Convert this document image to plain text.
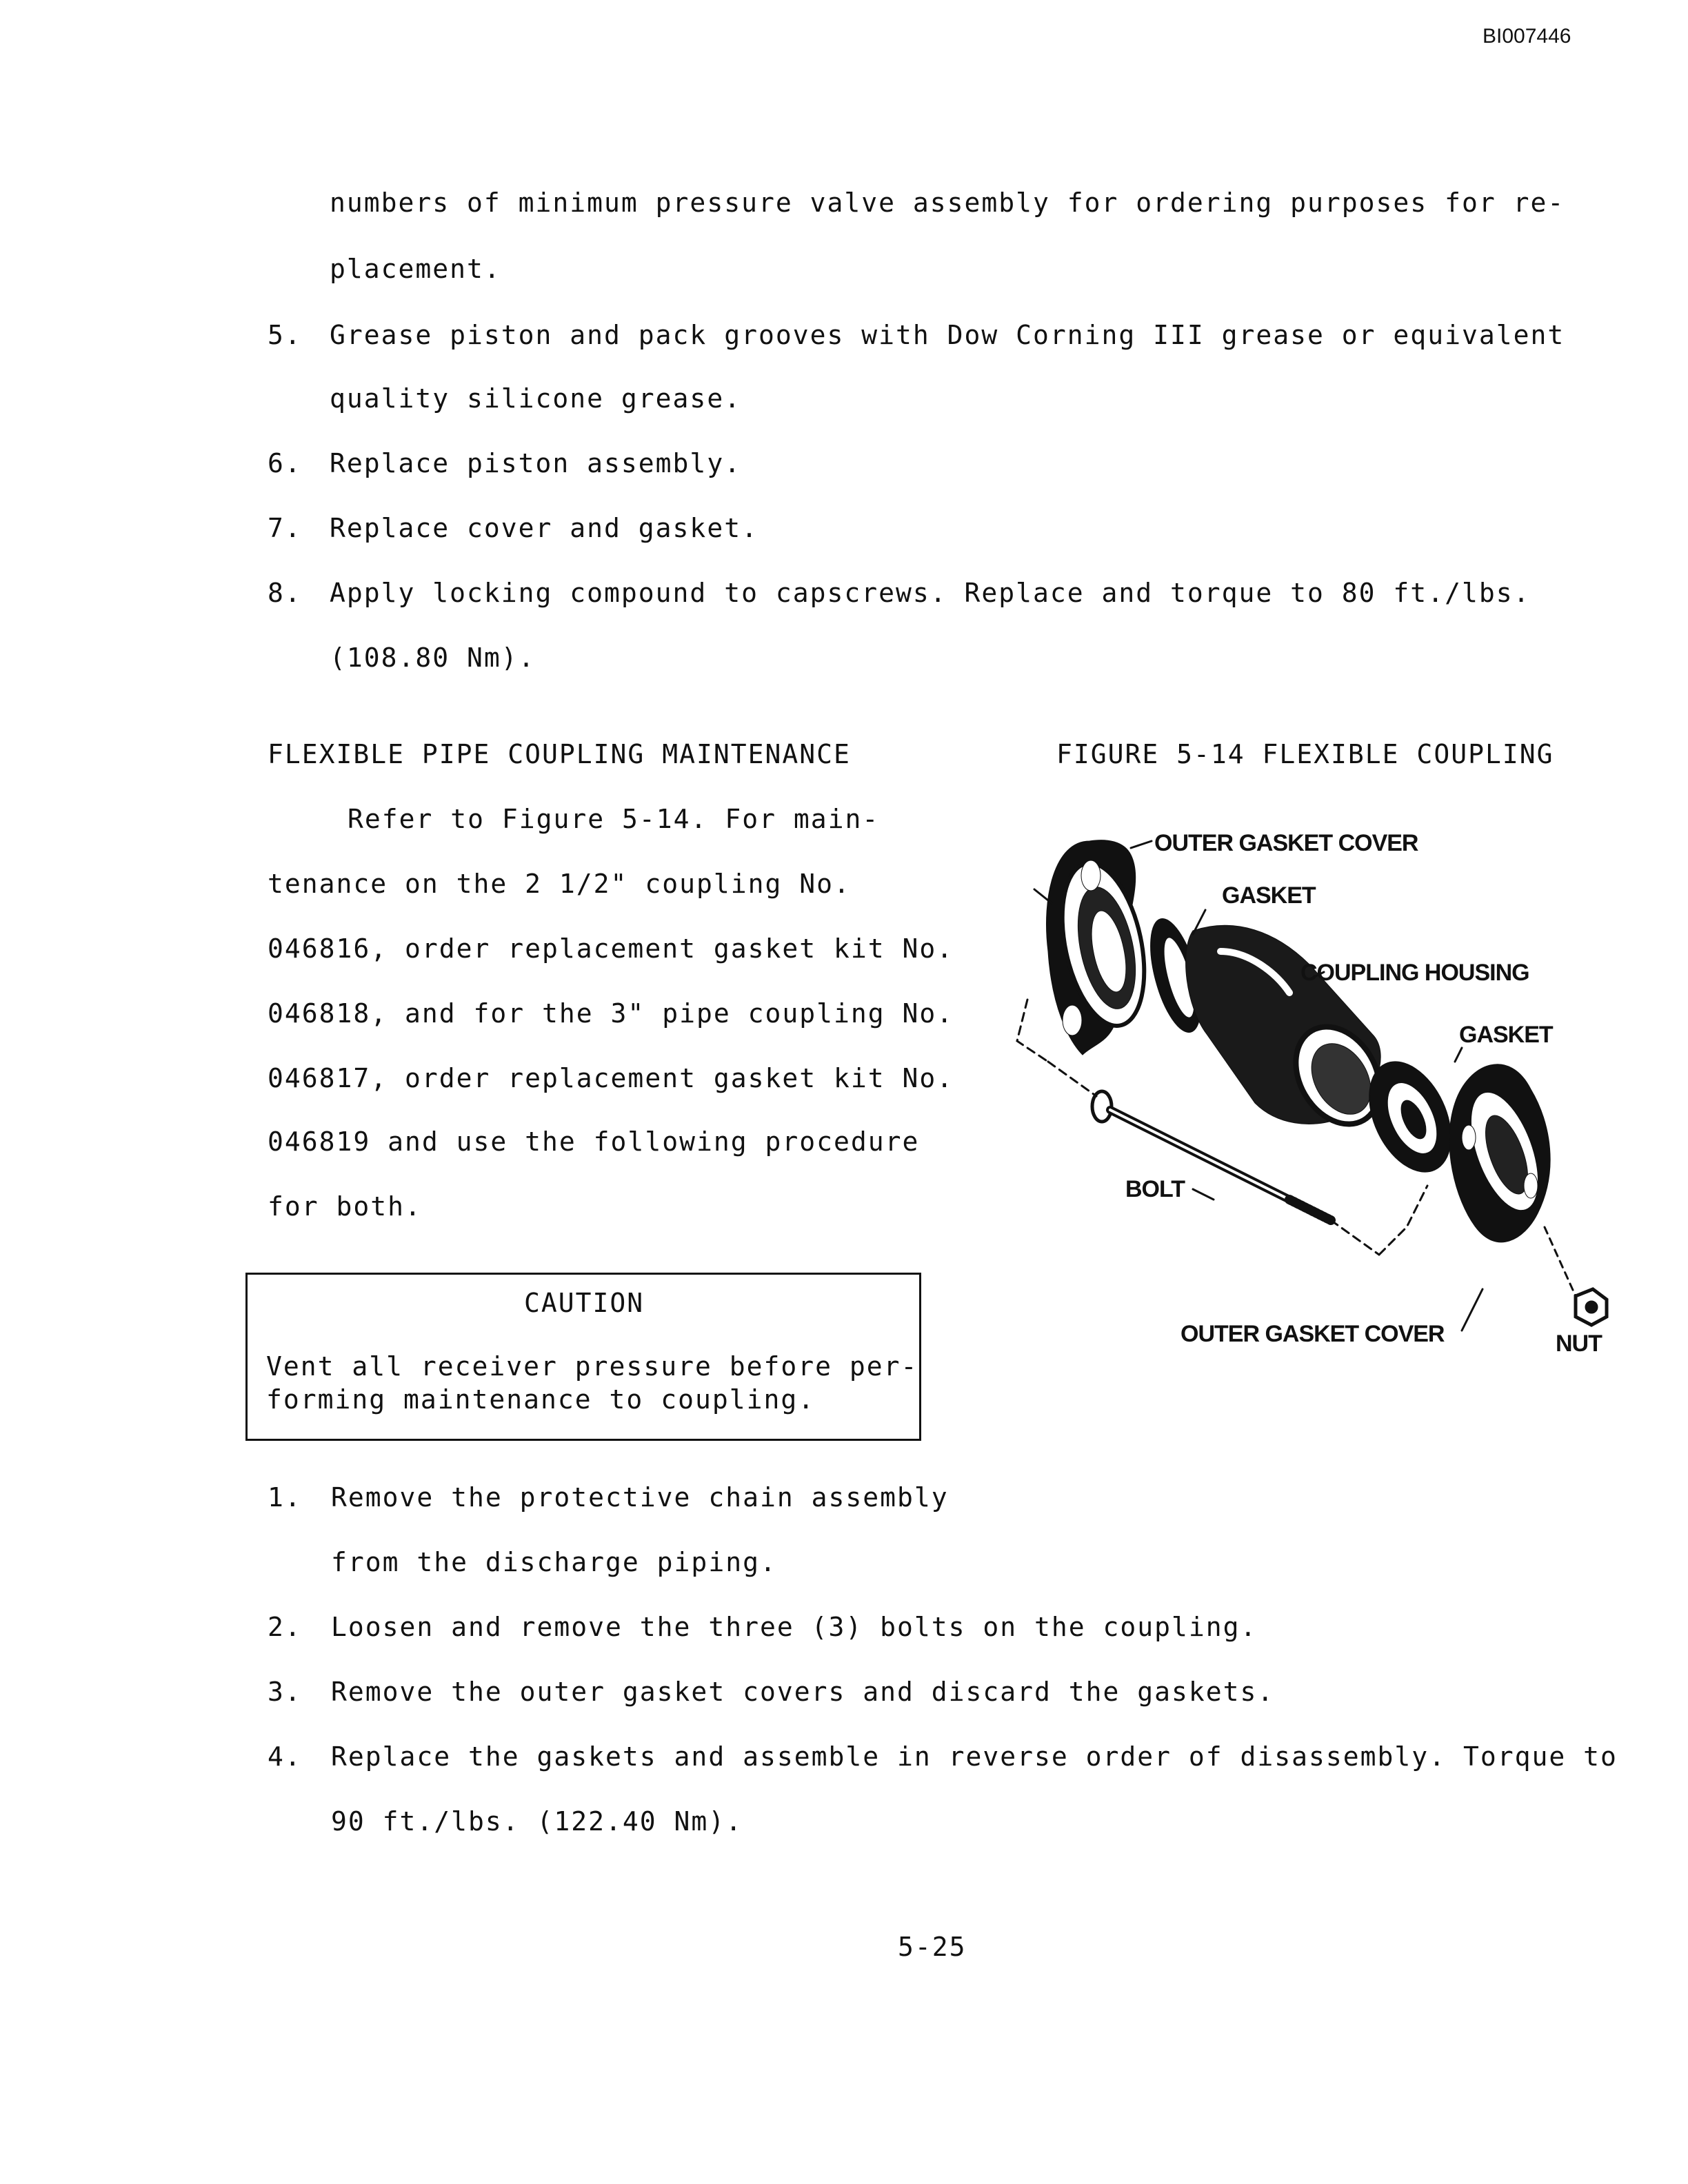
BI007446
numbers of minimum pressure valve assembly for ordering purposes for re-
placement.
5. Grease piston and pack grooves with Dow Corning III grease or equivalent
quality silicone grease.
6. Replace piston assembly.
7. Replace cover and gasket.
8. Apply locking compound to capscrews. Replace and torque to 80 ft./lbs.
(108.80 Nm).
FLEXIBLE PIPE COUPLING MAINTENANCE	FIGURE 5-14 FLEXIBLE COUPLING
Refer to Figure 5-14. For main-
tenance on the 2 1/2" coupling No.
046816, order replacement gasket kit No.
046818, and for the 3" pipe coupling No.
046817, order replacement gasket kit No.
046819 and use the following procedure
for both.
CAUTION
Vent all receiver pressure before per-
forming maintenance to coupling.
OUTER GASKET COVER
GASKET
COUPLING HOUSING
GASKET
BOLT
OUTER GASKET COVER	NUT
1. Remove the protective chain assembly
from the discharge piping.
2. Loosen and remove the three (3) bolts on the coupling.
3. Remove the outer gasket covers and discard the gaskets.
4. Replace the gaskets and assemble in reverse order of disassembly. Torque to
90 ft./lbs. (122.40 Nm).
5-25
